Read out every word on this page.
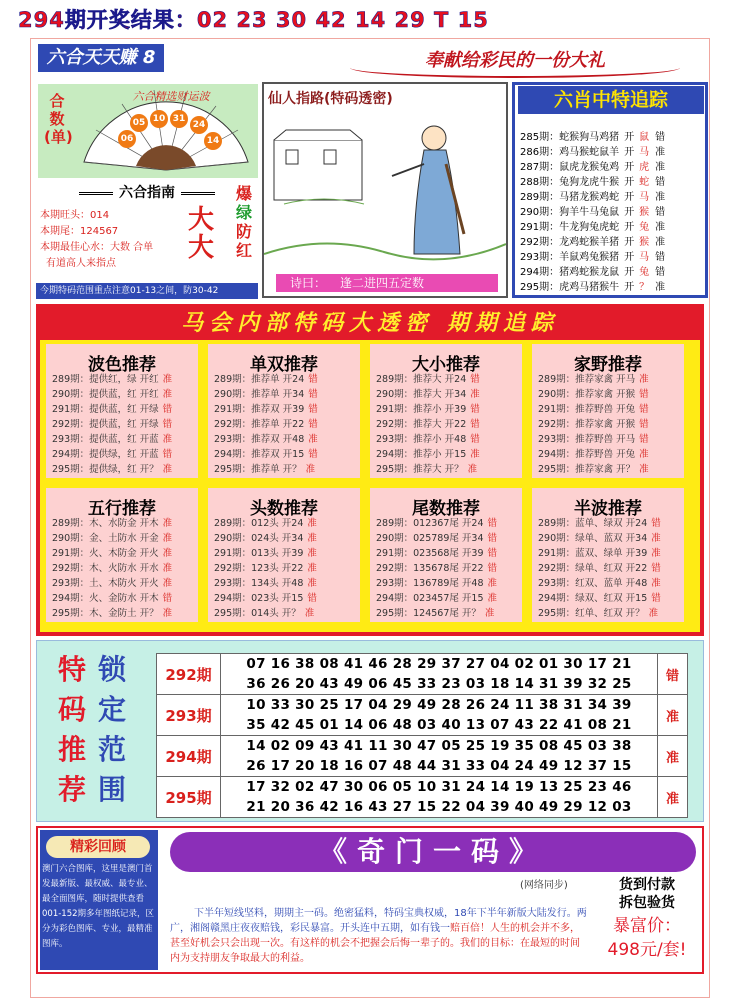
294期开奖结果：02 23 30 42 14 29 T 15
六合天天赚 8	奉献给彩民的一份大礼
合数(单)
六合精选财运波
05 10 31
24
06	14
六合指南
本期旺头：014
本期尾：124567
本期最佳心水：大数 合单
有道高人来指点
大大
爆
绿
防
红
今期特码范围重点注意01-13之间，防30-42
仙人指路(特码透密)
诗曰： 逢二进四五定数
六肖中特追踪
285期：蛇猴狗马鸡猪 开 鼠 错
286期：鸡马猴蛇鼠羊 开 马 准
287期：鼠虎龙猴兔鸡 开 虎 准
288期：兔狗龙虎牛猴 开 蛇 错
289期：马猪龙猴鸡蛇 开 马 准
290期：狗羊牛马兔鼠 开 猴 错
291期：牛龙狗兔虎蛇 开 兔 准
292期：龙鸡蛇猴羊猪 开 猴 准
293期：羊鼠鸡兔猴猪 开 马 错
294期：猪鸡蛇猴龙鼠 开 兔 错
295期：虎鸡马猪猴牛 开 ？ 准
马会内部特码大透密 期期追踪
波色推荐
289期：提供红，绿 开红 准
290期：提供蓝，红 开红 准
291期：提供蓝，红 开绿 错
292期：提供蓝，红 开绿 错
293期：提供蓝，红 开蓝 准
294期：提供绿，红 开蓝 错
295期：提供绿，红 开？ 准
单双推荐
289期：推荐单 开24 错
290期：推荐单 开34 错
291期：推荐双 开39 错
292期：推荐单 开22 错
293期：推荐双 开48 准
294期：推荐双 开15 错
295期：推荐单 开？ 准
大小推荐
289期：推荐大 开24 错
290期：推荐大 开34 准
291期：推荐小 开39 错
292期：推荐大 开22 错
293期：推荐小 开48 错
294期：推荐小 开15 准
295期：推荐大 开？ 准
家野推荐
289期：推荐家禽 开马 准
290期：推荐家禽 开猴 错
291期：推荐野兽 开兔 错
292期：推荐家禽 开猴 错
293期：推荐野兽 开马 错
294期：推荐野兽 开兔 准
295期：推荐家禽 开？ 准
五行推荐
289期：木、水防金 开木 准
290期：金、土防水 开金 准
291期：火、木防金 开火 准
292期：木、火防水 开水 准
293期：土、木防火 开火 准
294期：火、金防水 开木 错
295期：木、金防土 开？ 准
头数推荐
289期：012头 开24 准
290期：024头 开34 准
291期：013头 开39 准
292期：123头 开22 准
293期：134头 开48 准
294期：023头 开15 错
295期：014头 开？ 准
尾数推荐
289期：012367尾 开24 错
290期：025789尾 开34 错
291期：023568尾 开39 错
292期：135678尾 开22 错
293期：136789尾 开48 准
294期：023457尾 开15 准
295期：124567尾 开？ 准
半波推荐
289期：蓝单、绿双 开24 错
290期：绿单、蓝双 开34 准
291期：蓝双、绿单 开39 准
292期：绿单、红双 开22 错
293期：红双、蓝单 开48 准
294期：绿双、红双 开15 错
295期：红单、红双 开？ 准
特
码
推
荐
锁
定
范
围
292期	07 16 38 08 41 46 28 29 37 27 04 02 01 30 17 21
36 26 20 43 49 06 45 33 23 03 18 14 31 39 32 25	错
293期	10 33 30 25 17 04 29 49 28 26 24 11 38 31 34 39
35 42 45 01 14 06 48 03 40 13 07 43 22 41 08 21	准
294期	14 02 09 43 41 11 30 47 05 25 19 35 08 45 03 38
26 17 20 18 16 07 48 44 31 33 04 24 49 12 37 15	准
295期	17 32 02 47 30 06 05 10 31 24 14 19 13 25 23 46
21 20 36 42 16 43 27 15 22 04 39 40 49 29 12 03	准
精彩回顾
澳门六合图库，这里是澳门首发最新版、最权威、最专业、最全面图库，随时提供查看001-152期多年图纸记录，区分为彩色图库、专业，最精准图库。
《奇门一码》
(网络同步)
下半年短线坚料，期期主一码。绝密猛料，特码宝典权威，18年下半年新版大陆发行。两广，湘阁赣黑庄夜夜赔钱，彩民暴富。开头连中五期，如有钱一赔百倍！人生的机会并不多，甚至好机会只会出现一次。有这样的机会不把握会后悔一辈子的。我们的目标：在最短的时间内为支持朋友争取最大的利益。
货到付款
拆包验货
暴富价：
498元/套!
